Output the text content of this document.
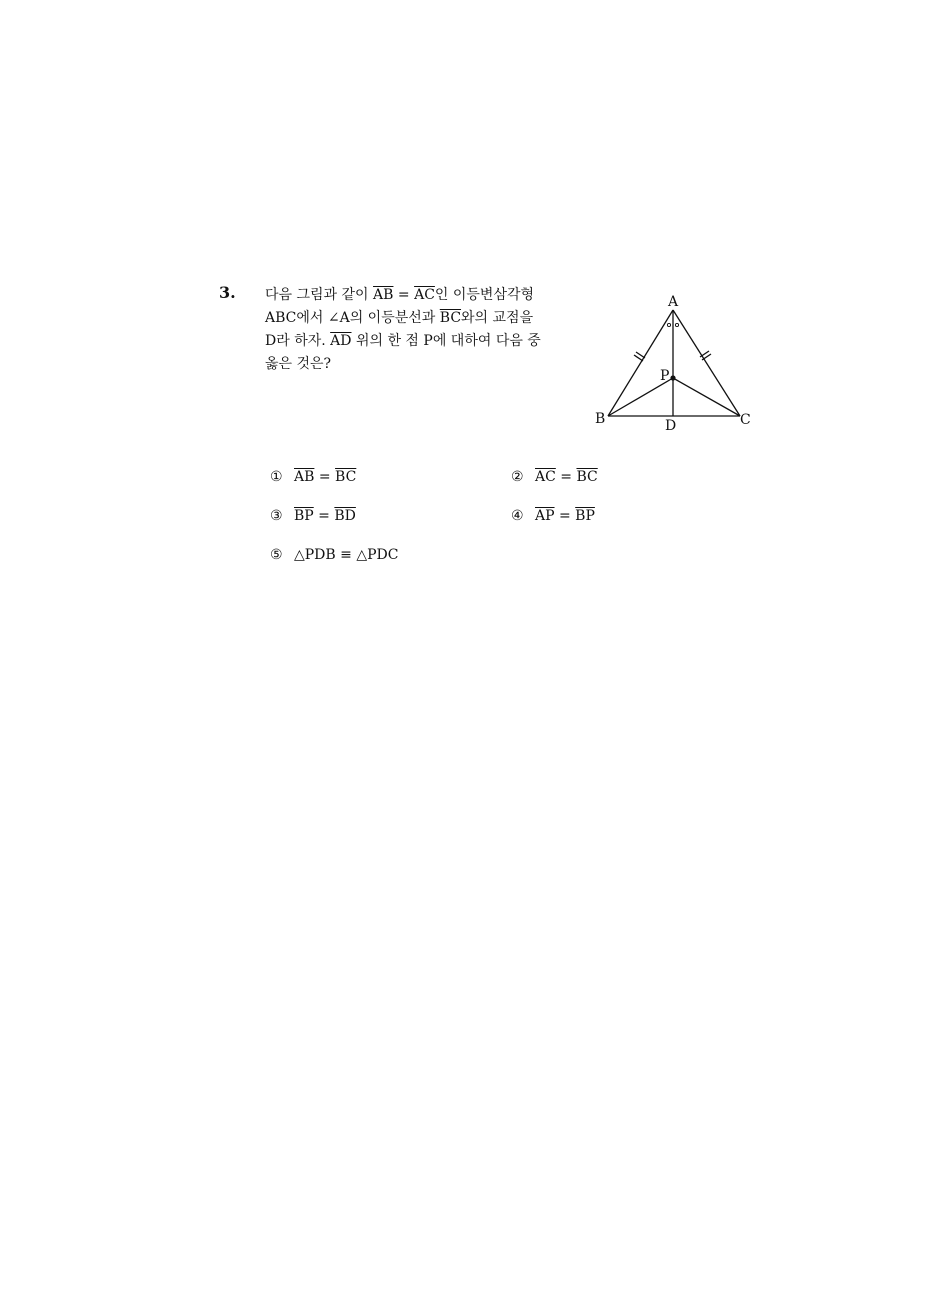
3. 다음 그림과 같이 $\overline{AB} = \overline{AC}$인 이등변삼각형
ABC에서 ∠A의 이등분선과 $\overline{BC}$와의 교점을
D라 하자. $\overline{AD}$ 위의 한 점 P에 대하여 다음 중
옳은 것은?
A
B	C
D
P
① $\overline{AB} = \overline{BC}$	② $\overline{AC} = \overline{BC}$
③ $\overline{BP} = \overline{BD}$	④ $\overline{AP} = \overline{BP}$
⑤ △PDB ≡ △PDC
